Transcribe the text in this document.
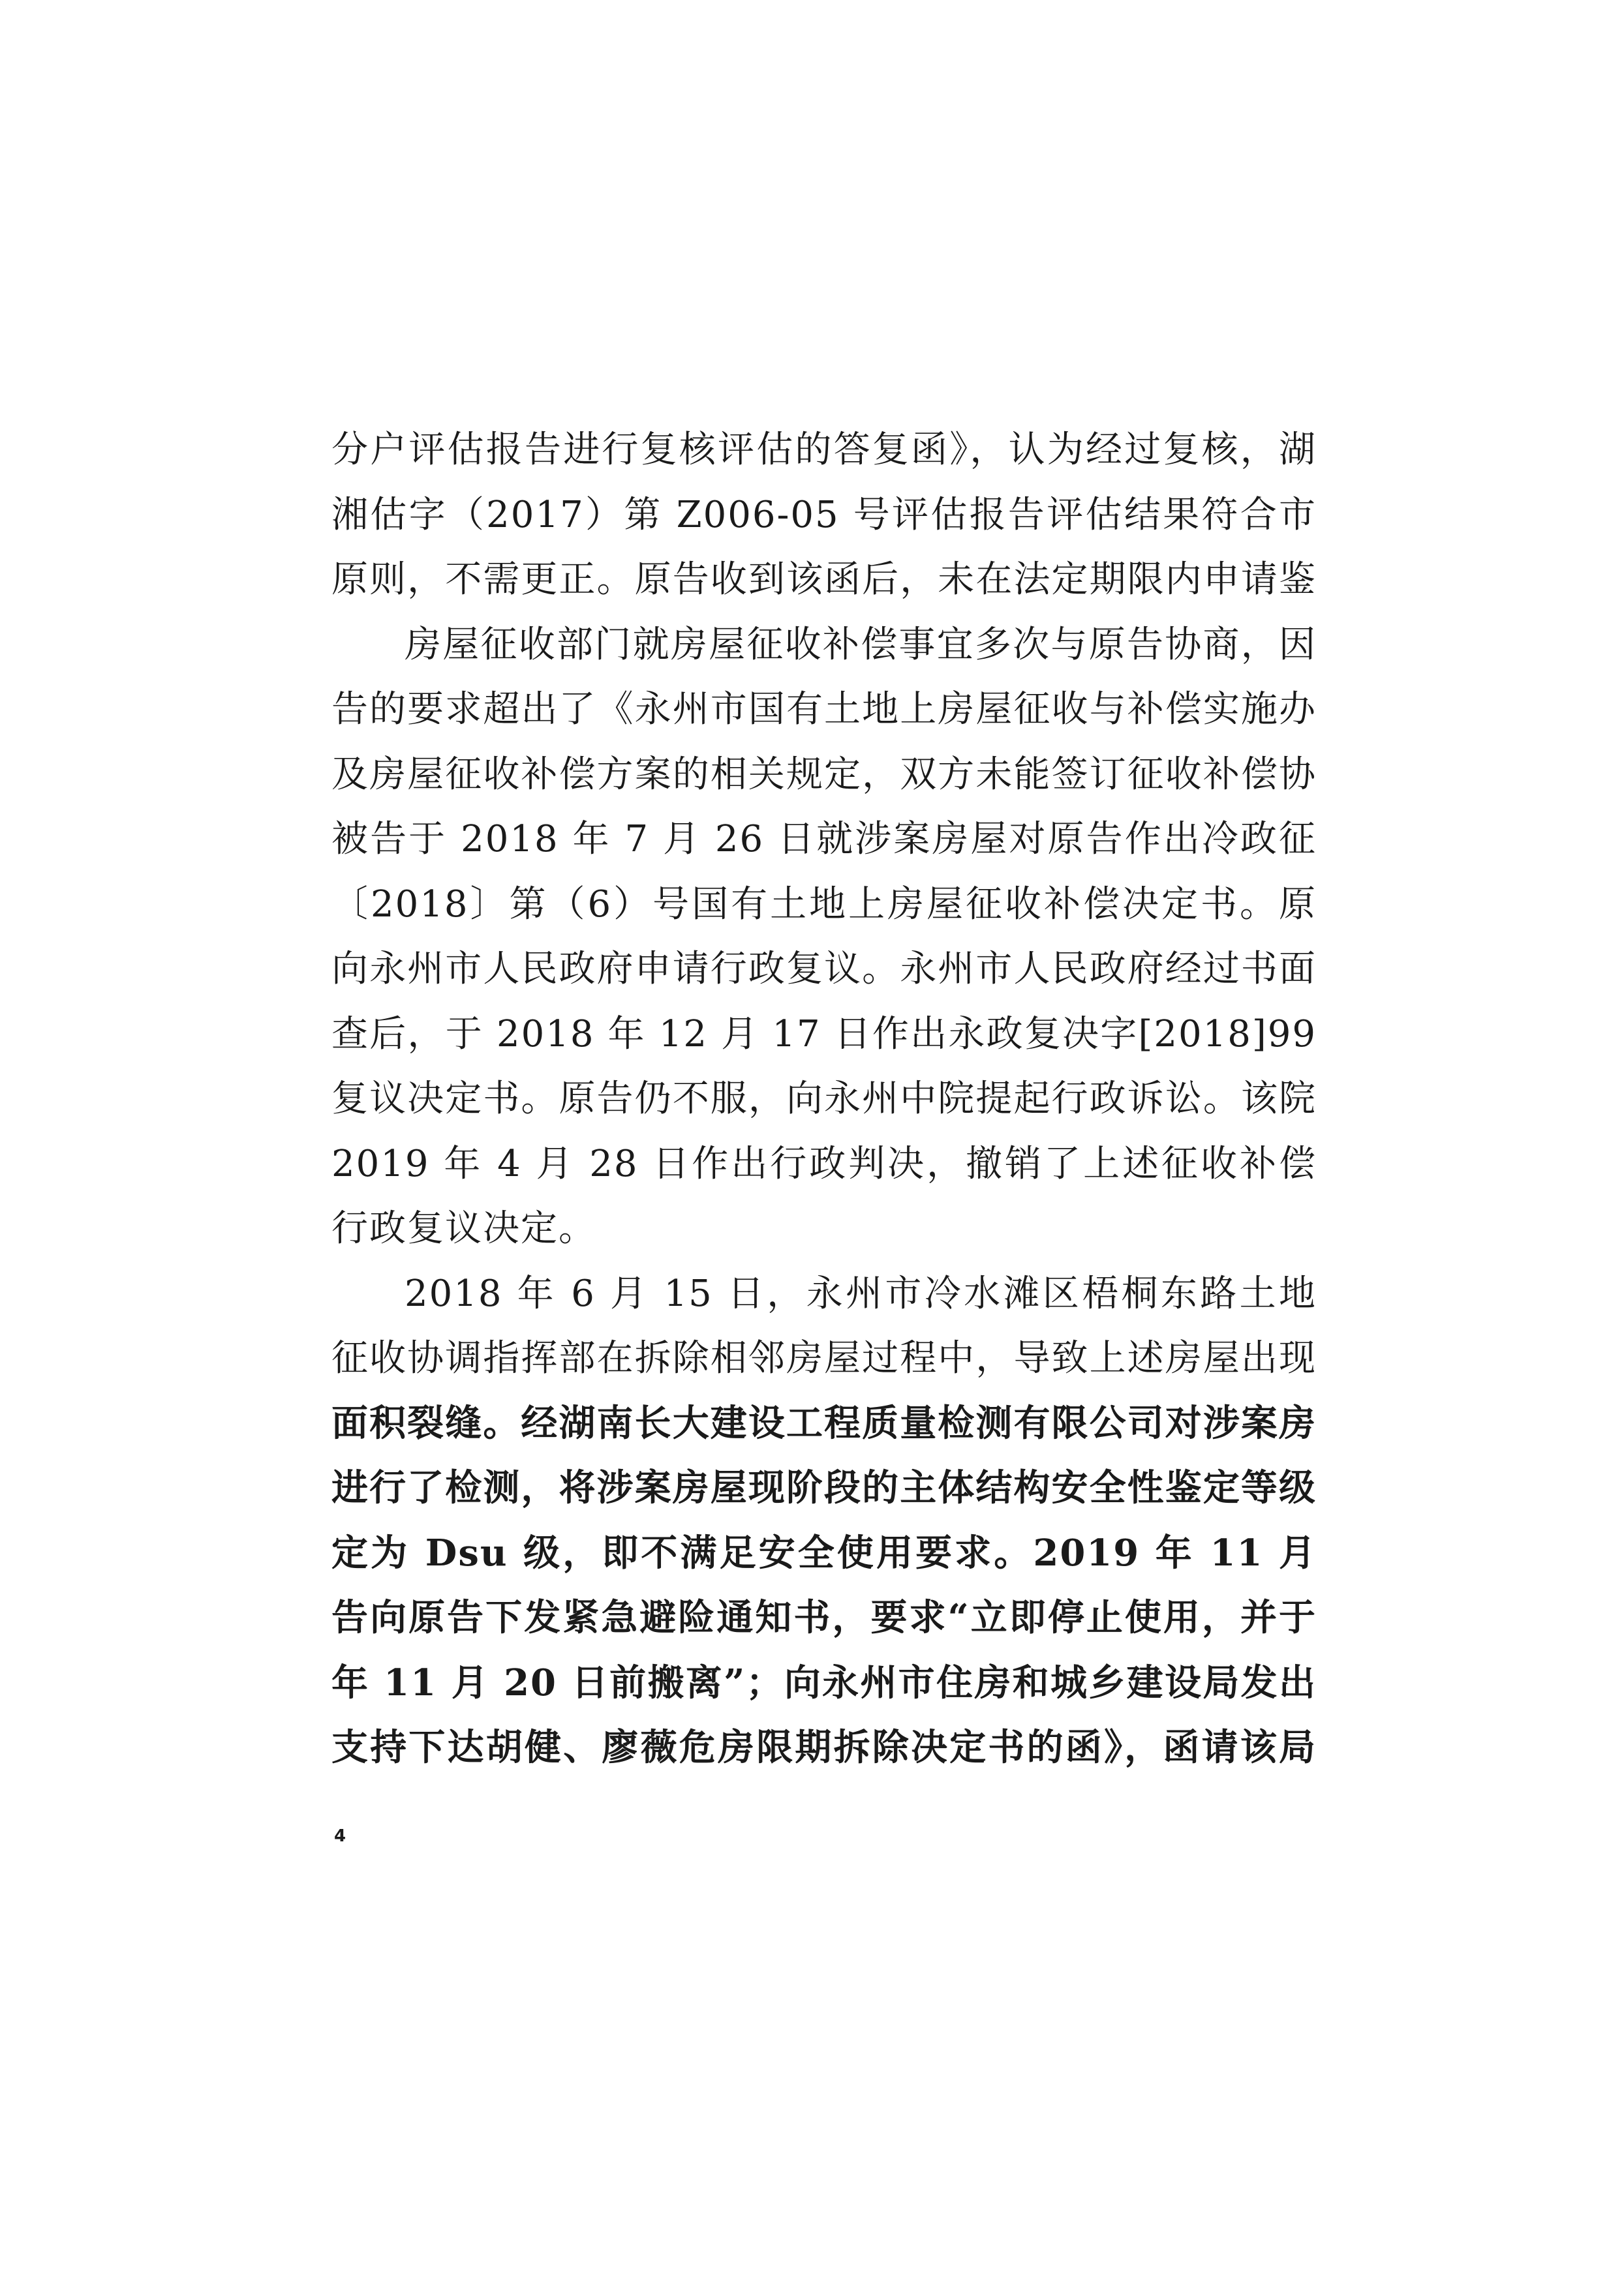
分户评估报告进行复核评估的答复函》，认为经过复核，湖
湘估字（2017）第 Z006-05 号评估报告评估结果符合市
原则，不需更正。原告收到该函后，未在法定期限内申请鉴
房屋征收部门就房屋征收补偿事宜多次与原告协商，因
告的要求超出了《永州市国有土地上房屋征收与补偿实施办
及房屋征收补偿方案的相关规定，双方未能签订征收补偿协
被告于 2018 年 7 月 26 日就涉案房屋对原告作出冷政征
〔2018〕第（6）号国有土地上房屋征收补偿决定书。原
向永州市人民政府申请行政复议。永州市人民政府经过书面
查后，于 2018 年 12 月 17 日作出永政复决字[2018]99
复议决定书。原告仍不服，向永州中院提起行政诉讼。该院
2019 年 4 月 28 日作出行政判决，撤销了上述征收补偿
行政复议决定。
2018 年 6 月 15 日，永州市冷水滩区梧桐东路土地
征收协调指挥部在拆除相邻房屋过程中，导致上述房屋出现
面积裂缝。经湖南长大建设工程质量检测有限公司对涉案房
进行了检测，将涉案房屋现阶段的主体结构安全性鉴定等级
定为 Dsu 级，即不满足安全使用要求。2019 年 11 月
告向原告下发紧急避险通知书，要求“立即停止使用，并于
年 11 月 20 日前搬离”；向永州市住房和城乡建设局发出
支持下达胡健、廖薇危房限期拆除决定书的函》，函请该局
4
